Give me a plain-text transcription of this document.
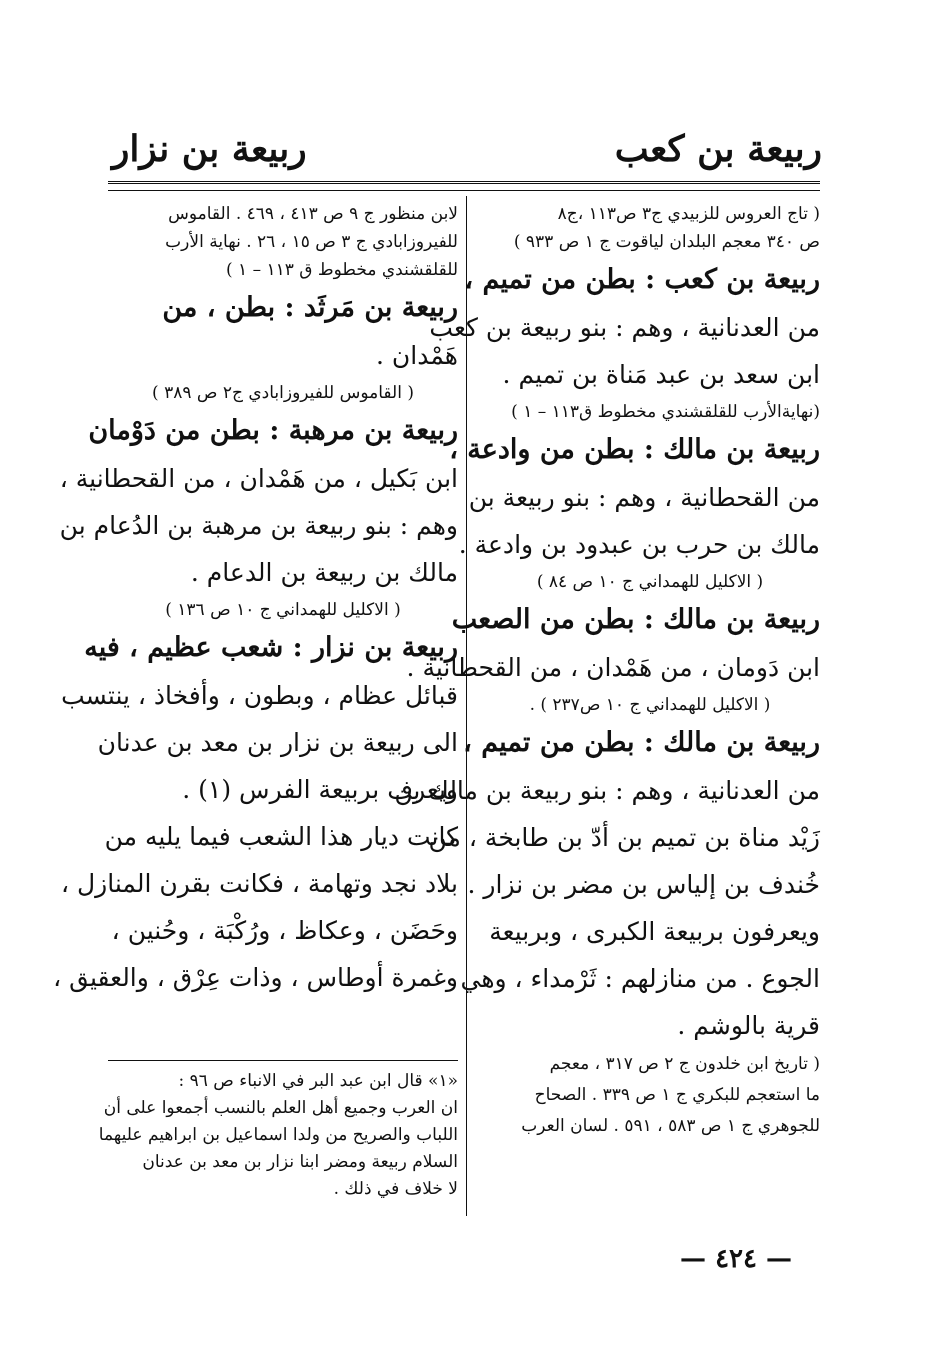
ربيعة بن كعب
ربيعة بن نزار
( تاج العروس للزبيدي ج٣ ص١١٣ ،ج٨
ص ٣٤٠ معجم البلدان لياقوت ج ١ ص ٩٣٣ )
ربيعة بن كعب : بطن من تميم ،
من العدنانية ، وهم : بنو ربيعة بن كعب
ابن سعد بن عبد مَناة بن تميم .
(نهايةالأرب للقلقشندي مخطوط ق١١٣ – ١ )
ربيعة بن مالك : بطن من وادعة ،
من القحطانية ، وهم : بنو ربيعة بن
مالك بن حرب بن عبدود بن وادعة .
( الاكليل للهمداني ج ١٠ ص ٨٤ )
ربيعة بن مالك : بطن من الصعب
ابن دَومان ، من هَمْدان ، من القحطانية .
( الاكليل للهمداني ج ١٠ ص٢٣٧ ) .
ربيعة بن مالك : بطن من تميم ،
من العدنانية ، وهم : بنو ربيعة بن مالك بن
زَيْد مناة بن تميم بن أدّ بن طابخة ، من
خُندف بن إلياس بن مضر بن نزار .
ويعرفون بربيعة الكبرى ، وبربيعة
الجوع . من منازلهم : ثَرْمداء ، وهي
قرية بالوشم .
( تاريخ ابن خلدون ج ٢ ص ٣١٧ ، معجم
ما استعجم للبكري ج ١ ص ٣٣٩ . الصحاح
للجوهري ج ١ ص ٥٨٣ ، ٥٩١ . لسان العرب
لابن منظور ج ٩ ص ٤١٣ ، ٤٦٩ . القاموس
للفيروزابادي ج ٣ ص ١٥ ، ٢٦ . نهاية الأرب
للقلقشندي مخطوط ق ١١٣ – ١ )
ربيعة بن مَرثَد : بطن ، من
هَمْدان .
( القاموس للفيروزابادي ج٢ ص ٣٨٩ )
ربيعة بن مرهبة : بطن من دَوْمان
ابن بَكيل ، من هَمْدان ، من القحطانية ،
وهم : بنو ربيعة بن مرهبة بن الدُعام بن
مالك بن ربيعة بن الدعام .
( الاكليل للهمداني ج ١٠ ص ١٣٦ )
ربيعة بن نزار : شعب عظيم ، فيه
قبائل عظام ، وبطون ، وأفخاذ ، ينتسب
الى ربيعة بن نزار بن معد بن عدنان
ويعرف بربيعة الفرس (١) .
كانت ديار هذا الشعب فيما يليه من
بلاد نجد وتهامة ، فكانت بقرن المنازل ،
وحَضَن ، وعكاظ ، ورُكْبَة ، وحُنين ،
وغمرة أوطاس ، وذات عِرْق ، والعقيق ،
«١» قال ابن عبد البر في الانباء ص ٩٦ :
ان العرب وجميع أهل العلم بالنسب أجمعوا على أن
اللباب والصريح من ولدا اسماعيل بن ابراهيم عليهما
السلام ربيعة ومضر ابنا نزار بن معد بن عدنان
لا خلاف في ذلك .
— ٤٢٤ —
